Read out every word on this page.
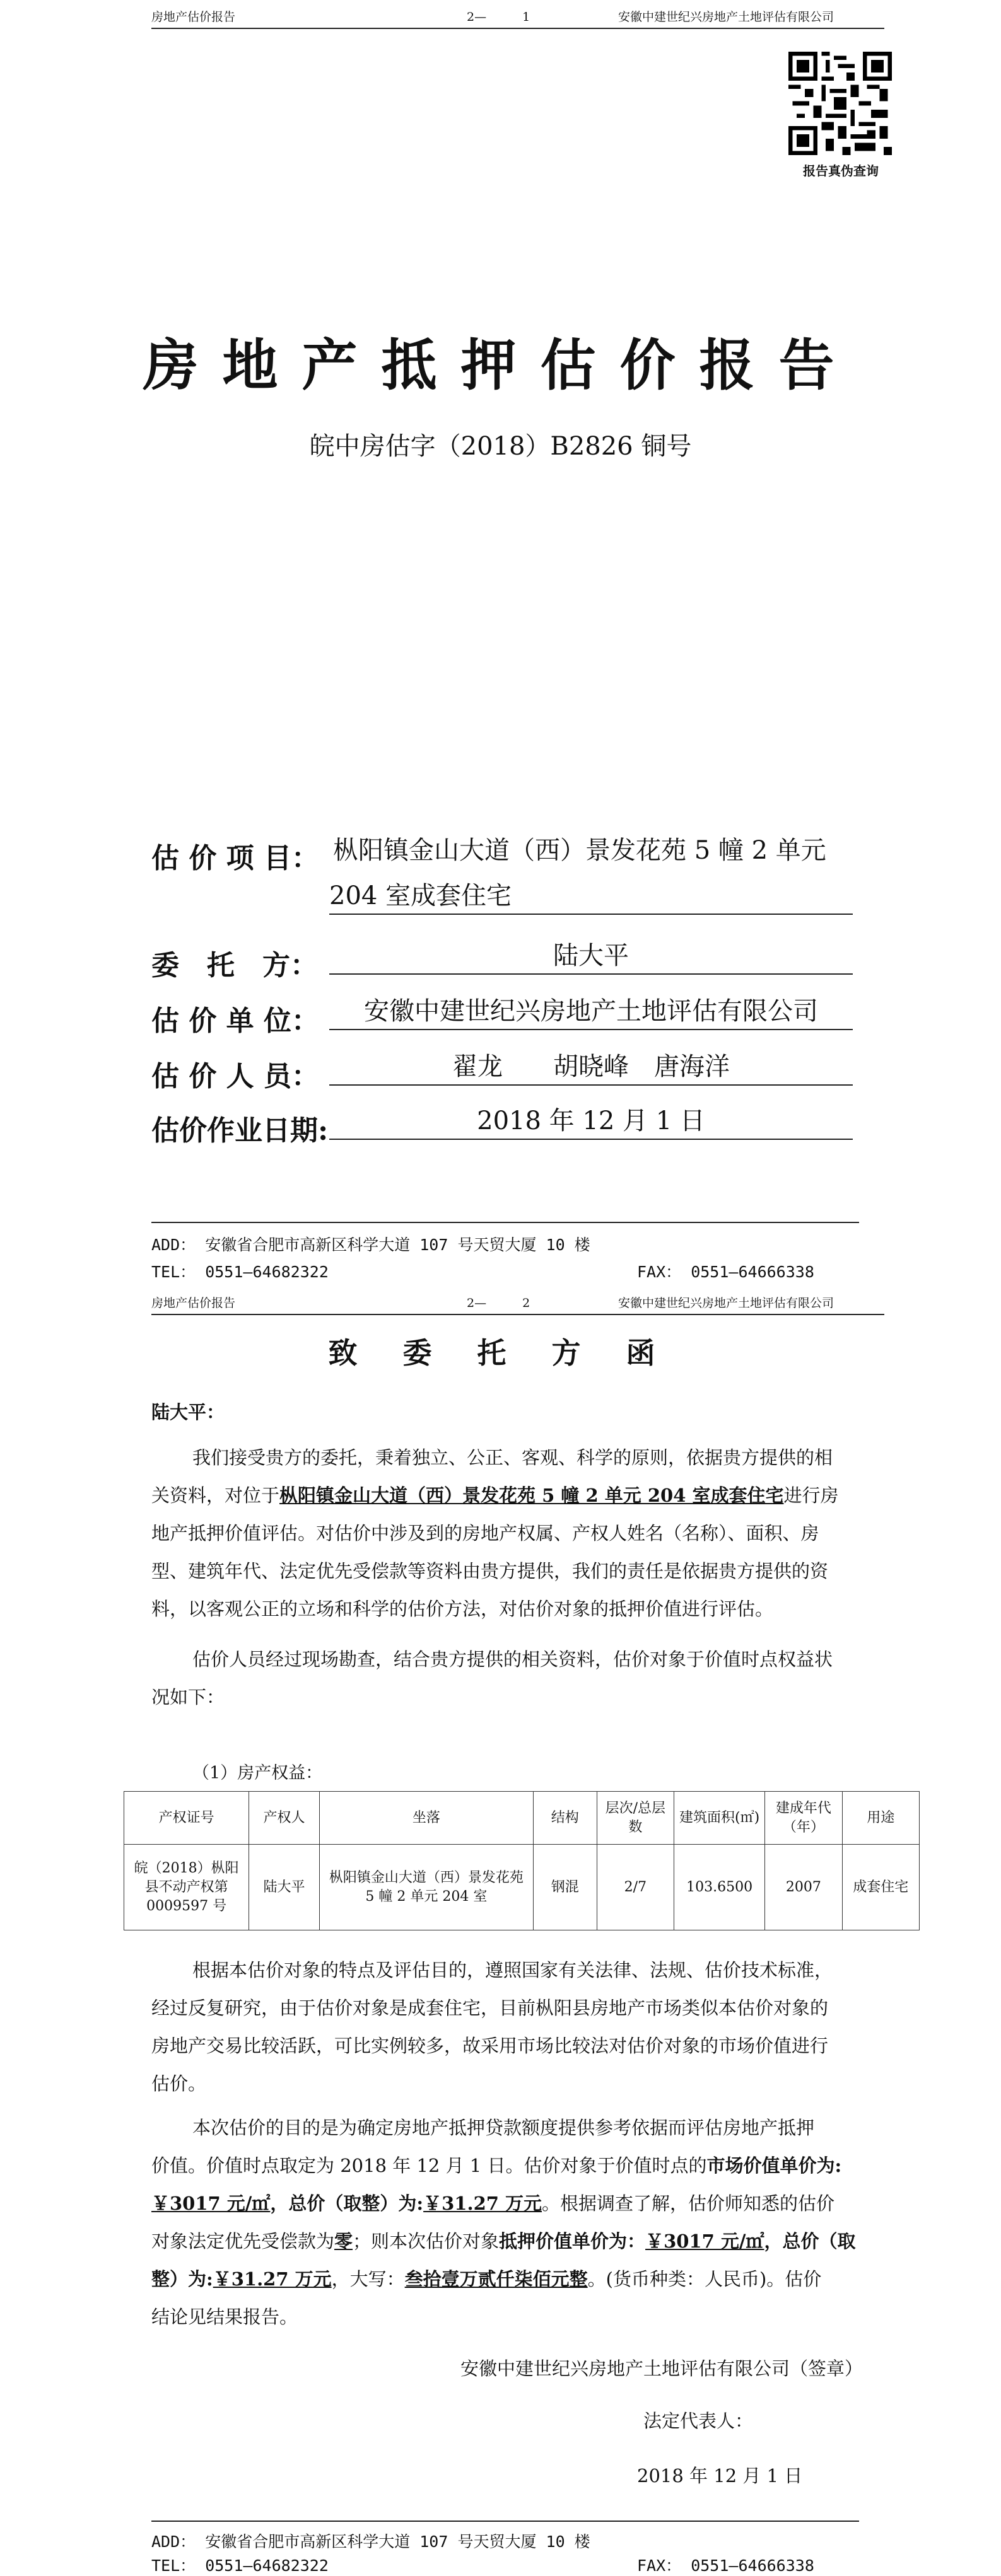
房地产估价报告	2—　　　1	安徽中建世纪兴房地产土地评估有限公司
报告真伪查询
房地产抵押估价报告
皖中房估字（2018）B2826 铜号
估 价 项 目： 枞阳镇金山大道（西）景发花苑 5 幢 2 单元
204 室成套住宅
委　托　方：	陆大平
估 价 单 位：	安徽中建世纪兴房地产土地评估有限公司
估 价 人 员：	翟龙　　胡晓峰　唐海洋
估价作业日期:	2018 年 12 月 1 日
ADD： 安徽省合肥市高新区科学大道 107 号天贸大厦 10 楼
TEL： 0551—64682322	FAX： 0551—64666338
房地产估价报告	2—　　　2	安徽中建世纪兴房地产土地评估有限公司
致 委 托 方 函
陆大平：
我们接受贵方的委托，秉着独立、公正、客观、科学的原则，依据贵方提供的相
关资料，对位于枞阳镇金山大道（西）景发花苑 5 幢 2 单元 204 室成套住宅进行房
地产抵押价值评估。对估价中涉及到的房地产权属、产权人姓名（名称）、面积、房
型、建筑年代、法定优先受偿款等资料由贵方提供，我们的责任是依据贵方提供的资
料，以客观公正的立场和科学的估价方法，对估价对象的抵押价值进行评估。
估价人员经过现场勘查，结合贵方提供的相关资料，估价对象于价值时点权益状
况如下：
（1）房产权益：
产权证号	产权人	坐落	结构	层次/总层数	建筑面积(㎡)	建成年代（年）	用途
皖（2018）枞阳县不动产权第 0009597 号	陆大平	枞阳镇金山大道（西）景发花苑 5 幢 2 单元 204 室	钢混	2/7	103.6500	2007	成套住宅
根据本估价对象的特点及评估目的，遵照国家有关法律、法规、估价技术标准，
经过反复研究，由于估价对象是成套住宅，目前枞阳县房地产市场类似本估价对象的
房地产交易比较活跃，可比实例较多，故采用市场比较法对估价对象的市场价值进行
估价。
本次估价的目的是为确定房地产抵押贷款额度提供参考依据而评估房地产抵押
价值。价值时点取定为 2018 年 12 月 1 日。估价对象于价值时点的市场价值单价为:
￥3017 元/㎡，总价（取整）为:￥31.27 万元。根据调查了解，估价师知悉的估价
对象法定优先受偿款为零；则本次估价对象抵押价值单价为：￥3017 元/㎡，总价（取
整）为:￥31.27 万元，大写：叁拾壹万贰仟柒佰元整。(货币种类：人民币)。估价
结论见结果报告。
安徽中建世纪兴房地产土地评估有限公司（签章）
法定代表人：
2018 年 12 月 1 日
ADD： 安徽省合肥市高新区科学大道 107 号天贸大厦 10 楼
TEL： 0551—64682322	FAX： 0551—64666338
